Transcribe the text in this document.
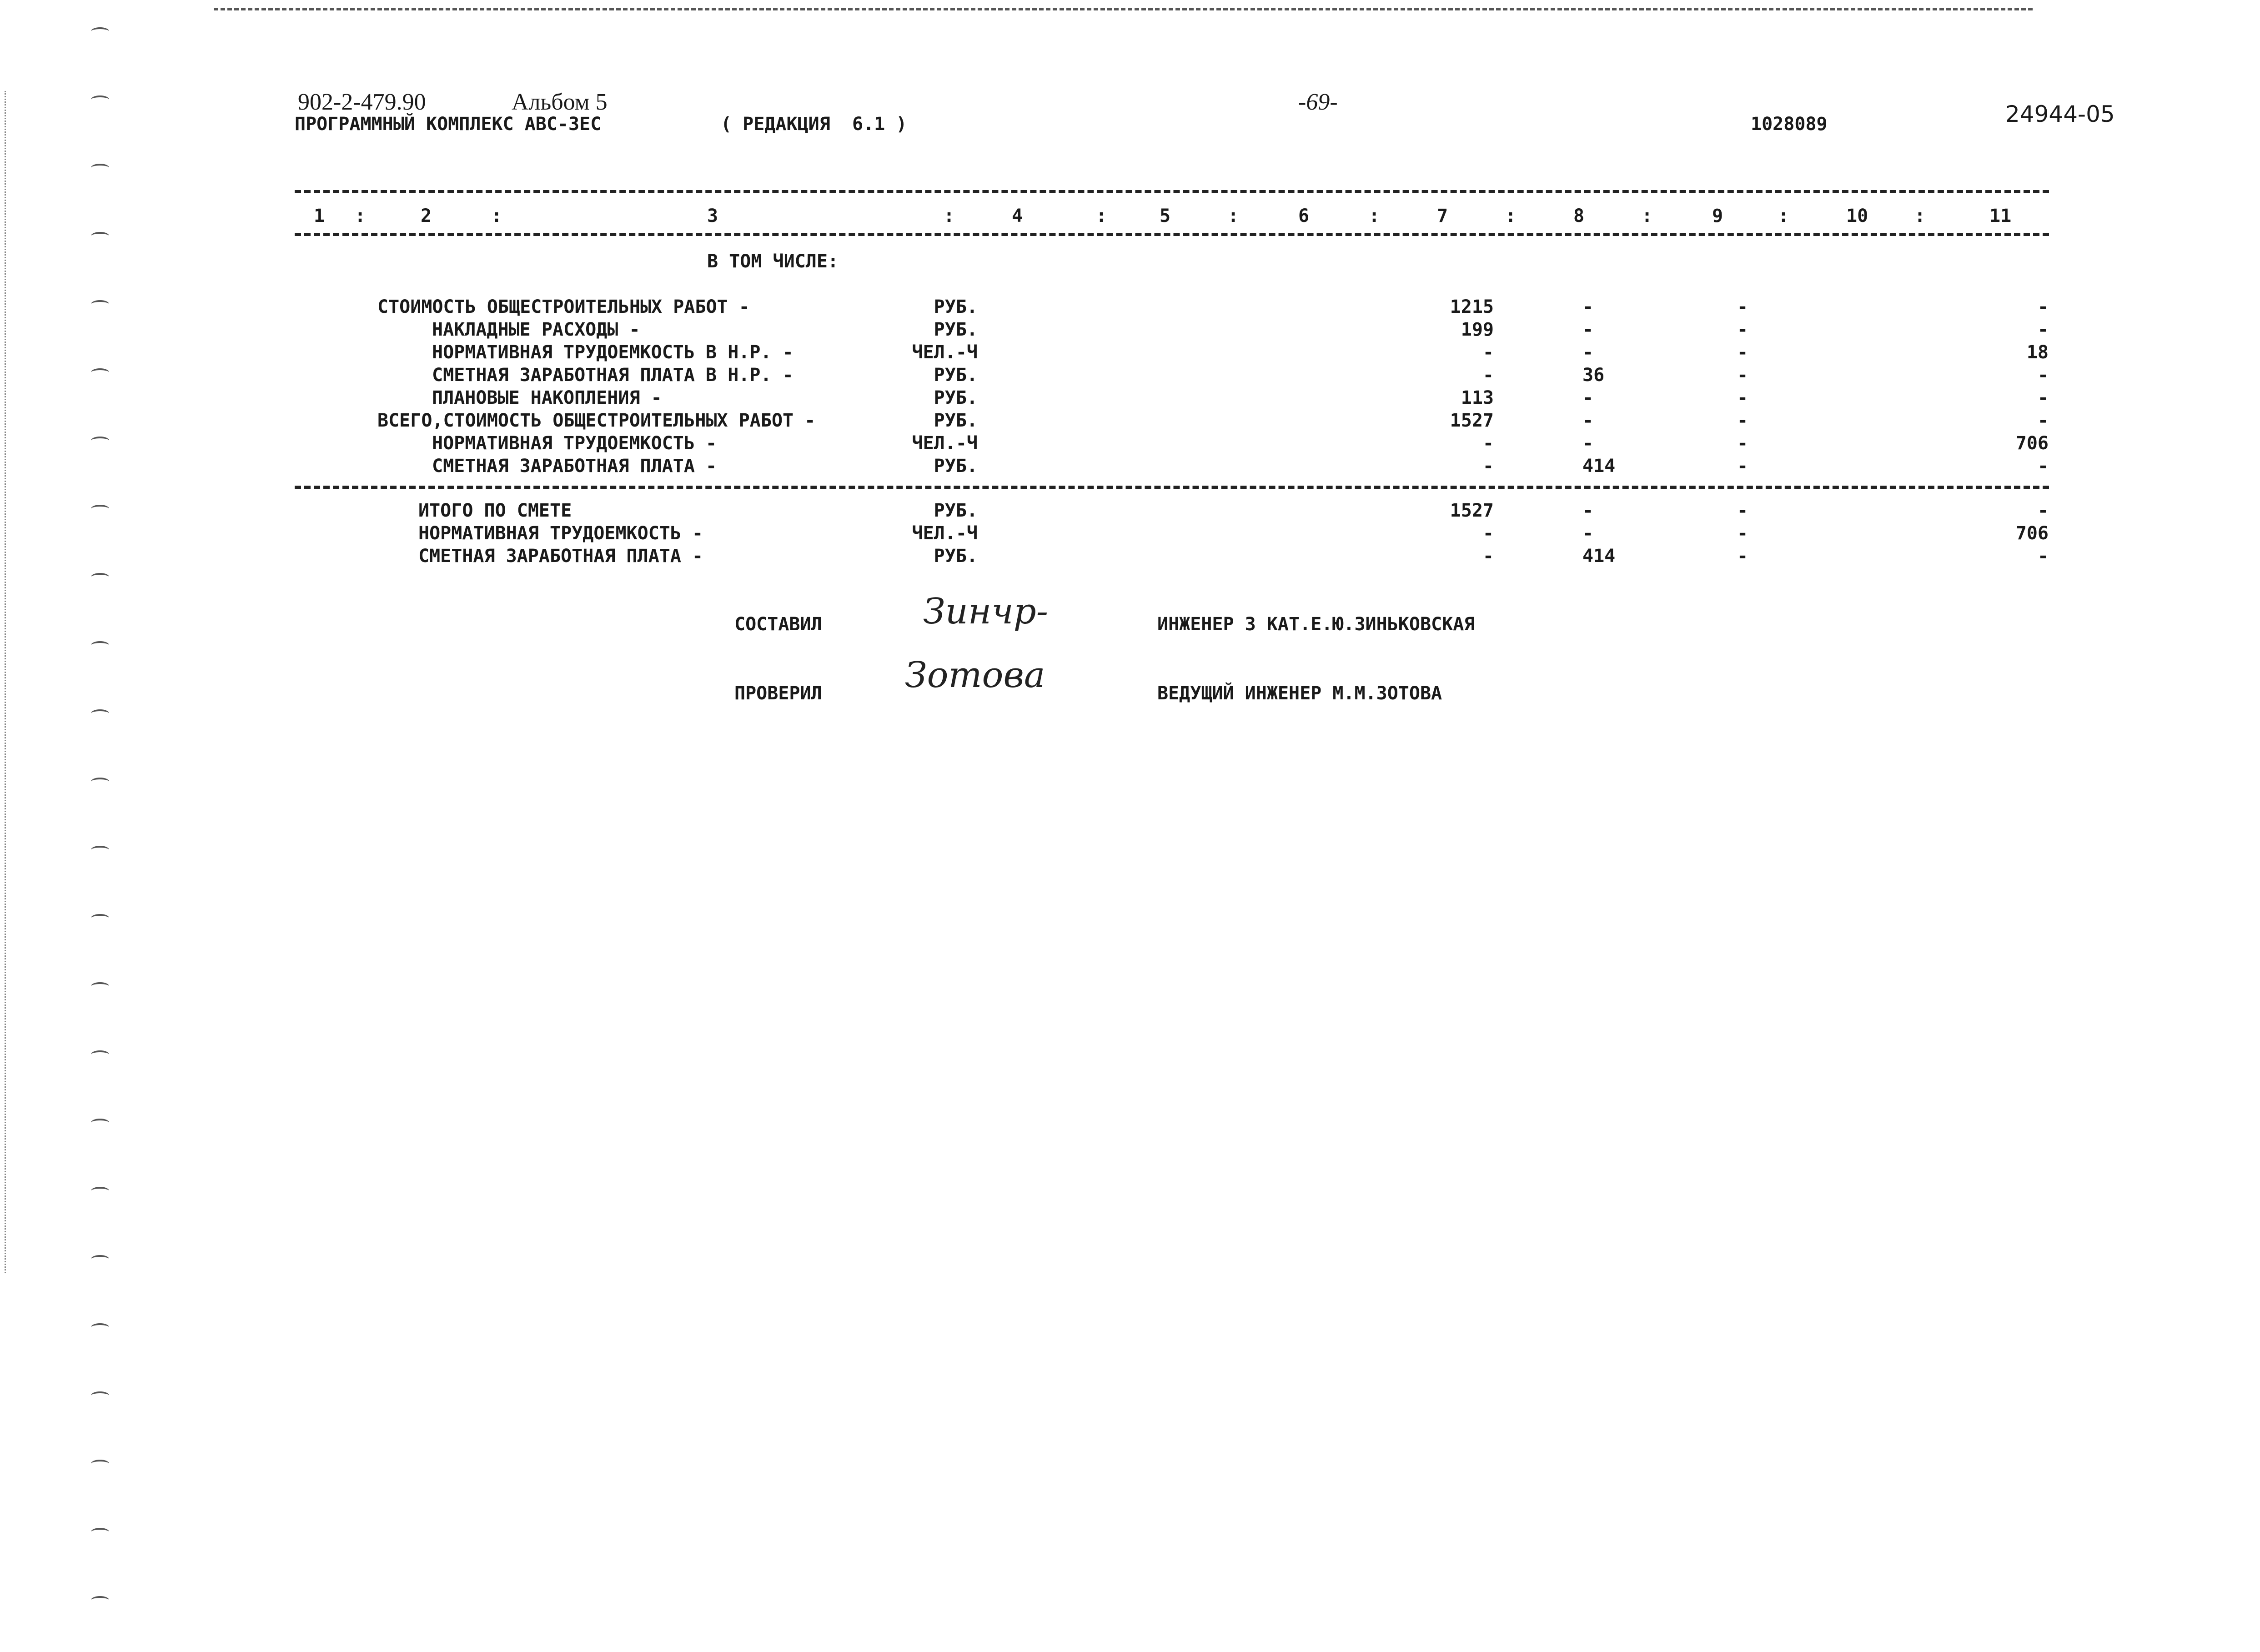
902-2-479.90	Альбом 5	-69-
ПРОГРАММНЫЙ КОМПЛЕКС АВС-3ЕС	( РЕДАКЦИЯ  6.1 )	1028089	24944-05
1	2	3	4	5	6	7	8	9	10	11
:	:	:	:	:	:	:	:	:	:
В ТОМ ЧИСЛЕ:
СТОИМОСТЬ ОБЩЕСТРОИТЕЛЬНЫХ РАБОТ -	РУБ.	1215	-	-	-
НАКЛАДНЫЕ РАСХОДЫ -	РУБ.	199	-	-	-
НОРМАТИВНАЯ ТРУДОЕМКОСТЬ В Н.Р. -	ЧЕЛ.-Ч	-	-	-	18
СМЕТНАЯ ЗАРАБОТНАЯ ПЛАТА В Н.Р. -	РУБ.	-	36	-	-
ПЛАНОВЫЕ НАКОПЛЕНИЯ -	РУБ.	113	-	-	-
ВСЕГО,СТОИМОСТЬ ОБЩЕСТРОИТЕЛЬНЫХ РАБОТ -	РУБ.	1527	-	-	-
НОРМАТИВНАЯ ТРУДОЕМКОСТЬ -	ЧЕЛ.-Ч	-	-	-	706
СМЕТНАЯ ЗАРАБОТНАЯ ПЛАТА -	РУБ.	-	414	-	-
ИТОГО ПО СМЕТЕ	РУБ.	1527	-	-	-
НОРМАТИВНАЯ ТРУДОЕМКОСТЬ -	ЧЕЛ.-Ч	-	-	-	706
СМЕТНАЯ ЗАРАБОТНАЯ ПЛАТА -	РУБ.	-	414	-	-
СОСТАВИЛ	Зинчр-	ИНЖЕНЕР 3 КАТ.Е.Ю.ЗИНЬКОВСКАЯ
ПРОВЕРИЛ Зотова	ВЕДУЩИЙ ИНЖЕНЕР М.М.ЗОТОВА
